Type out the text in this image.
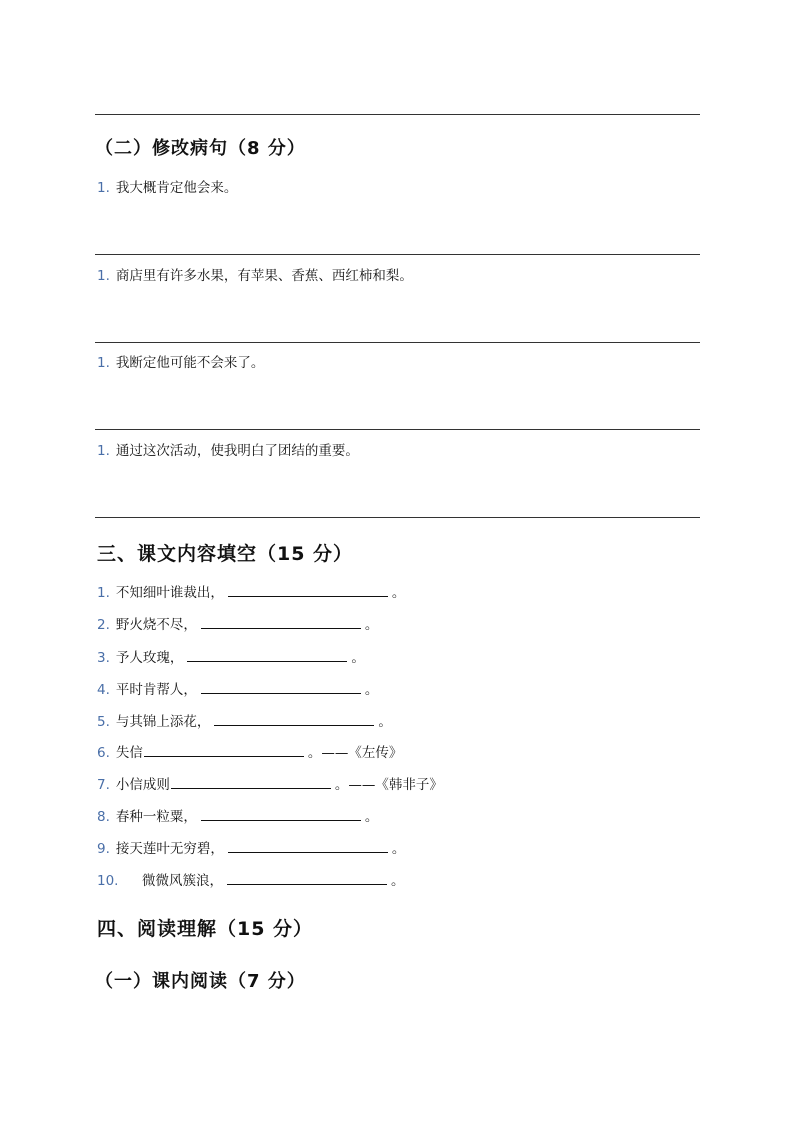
（二）修改病句（8 分）
1. 我大概肯定他会来。
1. 商店里有许多水果，有苹果、香蕉、西红柿和梨。
1. 我断定他可能不会来了。
1. 通过这次活动，使我明白了团结的重要。
三、课文内容填空（15 分）
1. 不知细叶谁裁出，	。
2. 野火烧不尽，	。
3. 予人玫瑰，	。
4. 平时肯帮人，	。
5. 与其锦上添花，	。
6. 失信	。——《左传》
7. 小信成则	。——《韩非子》
8. 春种一粒粟，	。
9. 接天莲叶无穷碧，	。
10. 微微风簇浪，	。
四、阅读理解（15 分）
（一）课内阅读（7 分）
